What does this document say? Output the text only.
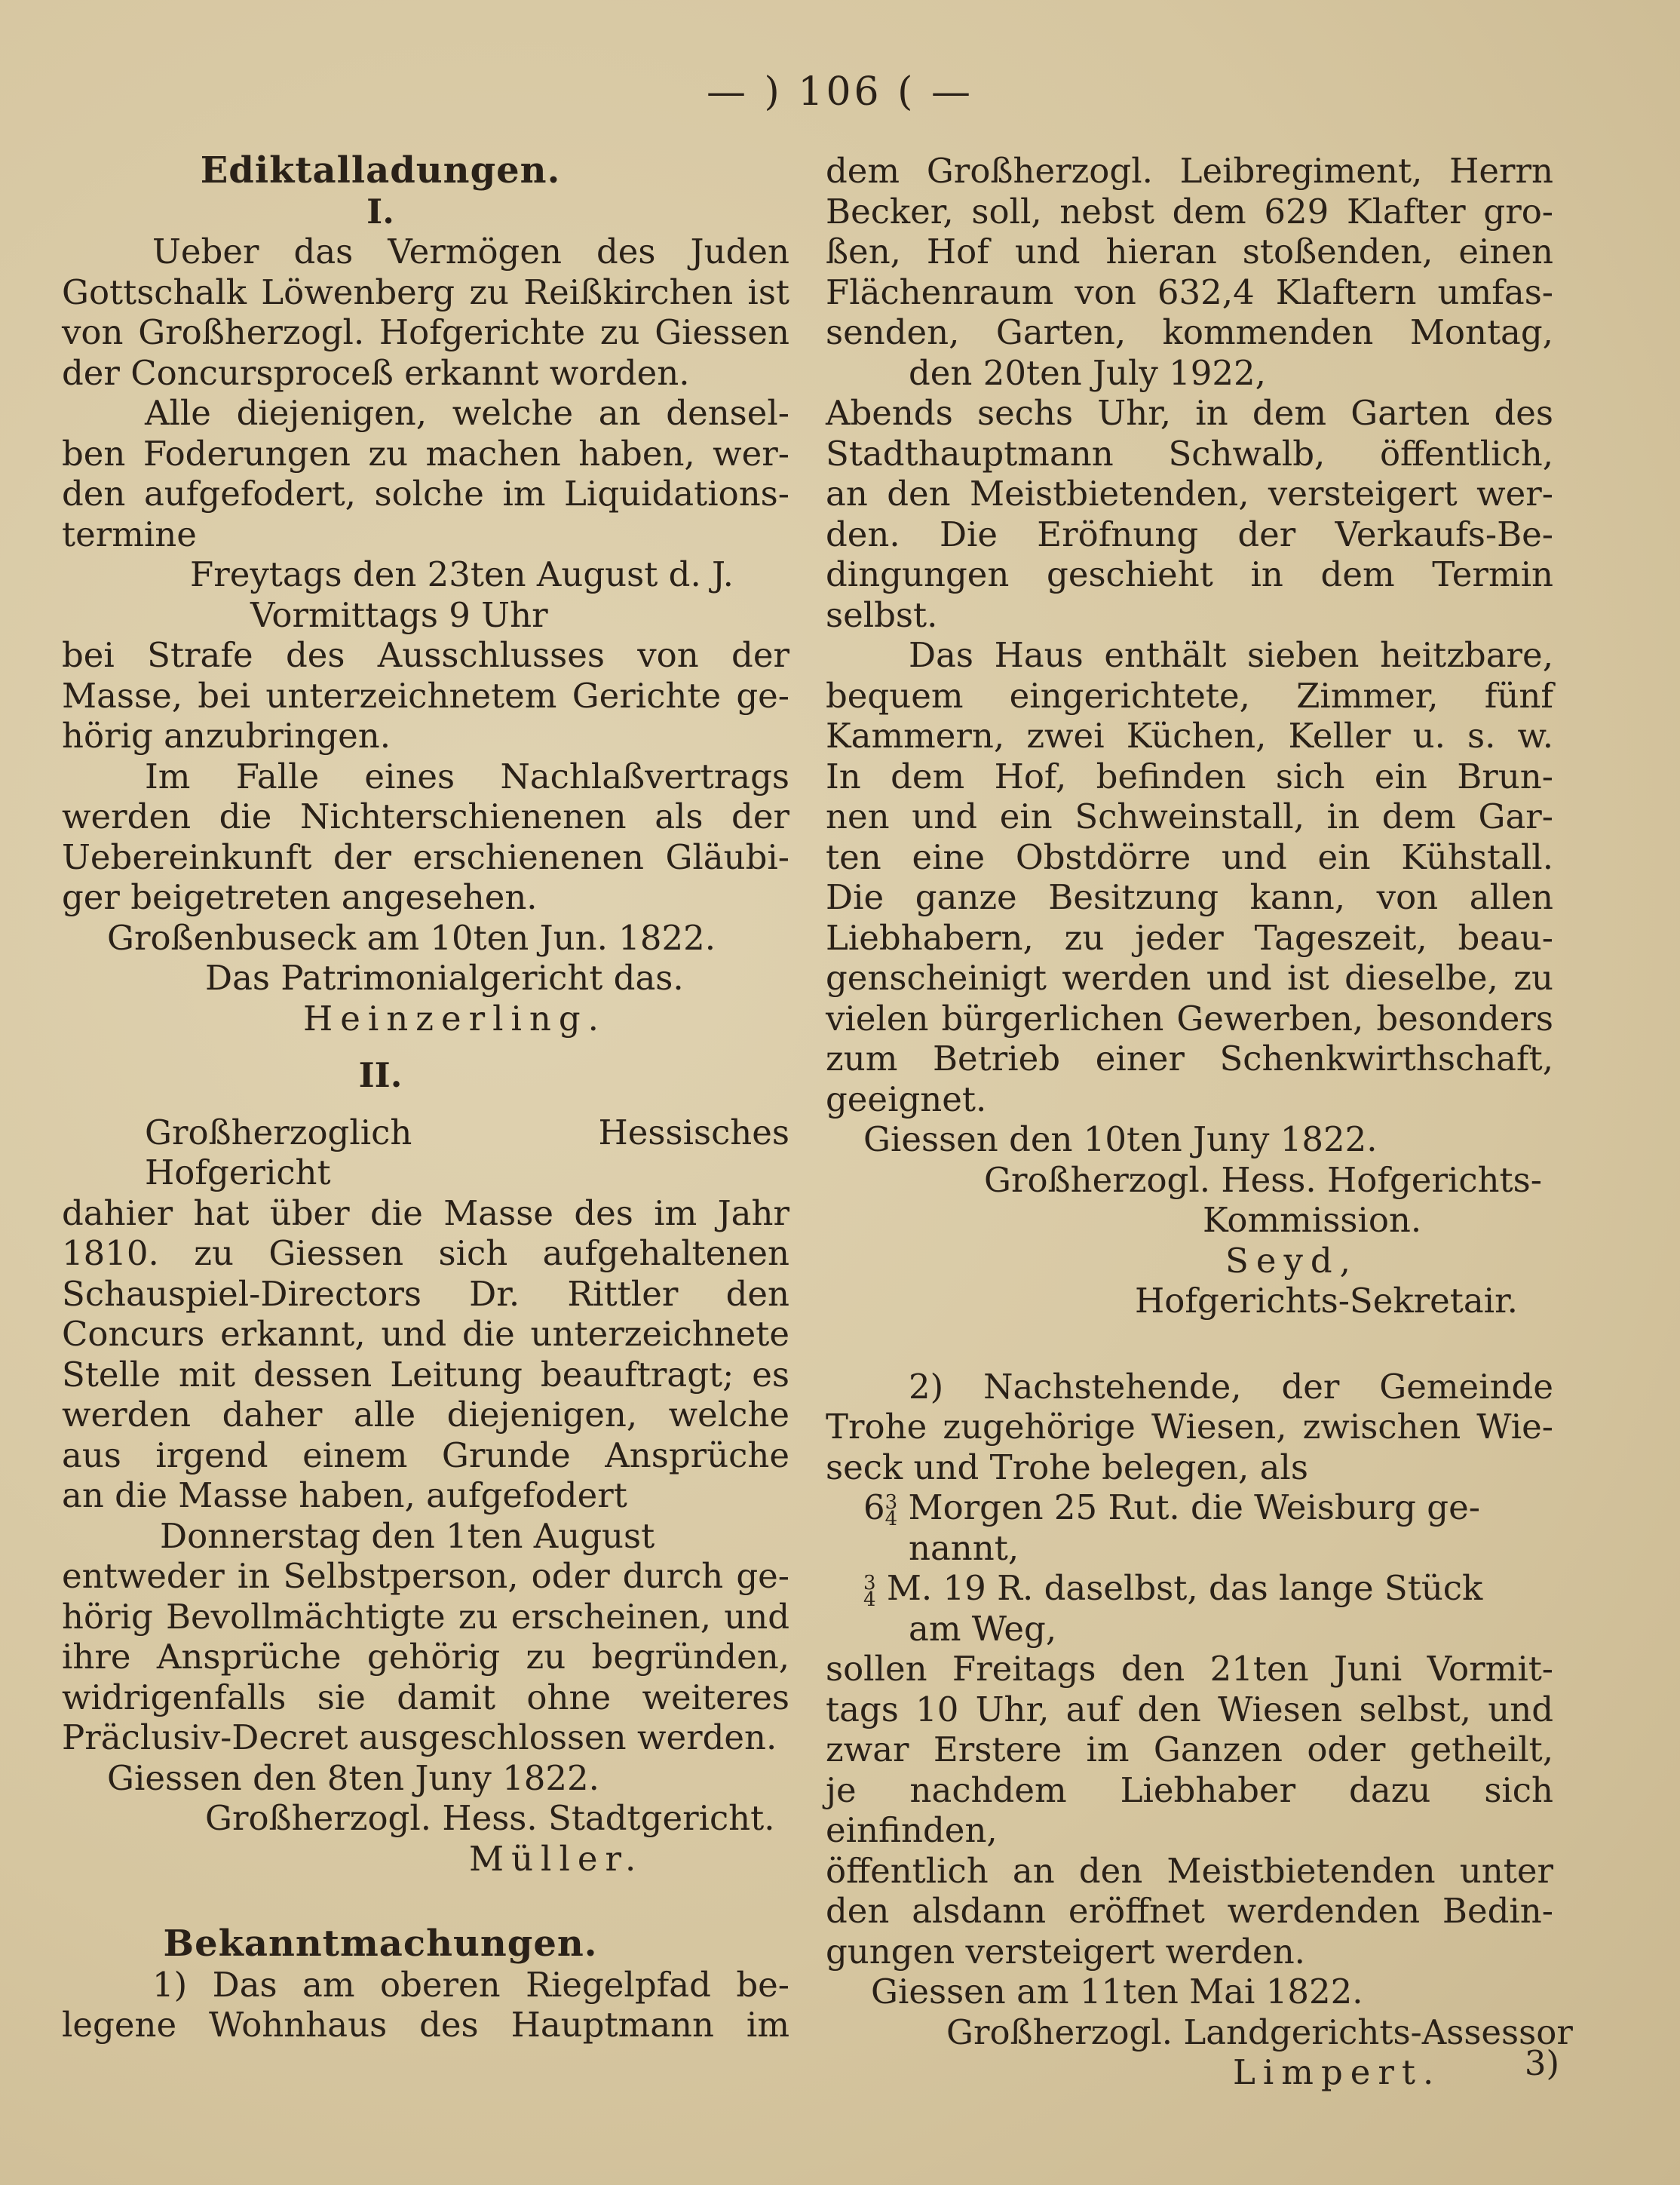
— ) 106 ( —

Ediktalladungen.

I.

Ueber das Vermögen des Juden

Gottschalk Löwenberg zu Reißkirchen ist

von Großherzogl. Hofgerichte zu Giessen

der Concursproceß erkannt worden.

Alle diejenigen, welche an densel-

ben Foderungen zu machen haben, wer-

den aufgefodert, solche im Liquidations-

termine

Freytags den 23ten August d. J.

Vormittags 9 Uhr

bei Strafe des Ausschlusses von der

Masse, bei unterzeichnetem Gerichte ge-

hörig anzubringen.

Im Falle eines Nachlaßvertrags

werden die Nichterschienenen als der

Uebereinkunft der erschienenen Gläubi-

ger beigetreten angesehen.

Großenbuseck am 10ten Jun. 1822.

Das Patrimonialgericht das.

Heinzerling.

II.

Großherzoglich Hessisches Hofgericht

dahier hat über die Masse des im Jahr

1810. zu Giessen sich aufgehaltenen

Schauspiel-Directors Dr. Rittler den

Concurs erkannt, und die unterzeichnete

Stelle mit dessen Leitung beauftragt; es

werden daher alle diejenigen, welche

aus irgend einem Grunde Ansprüche

an die Masse haben, aufgefodert

Donnerstag den 1ten August

entweder in Selbstperson, oder durch ge-

hörig Bevollmächtigte zu erscheinen, und

ihre Ansprüche gehörig zu begründen,

widrigenfalls sie damit ohne weiteres

Präclusiv-Decret ausgeschlossen werden.

Giessen den 8ten Juny 1822.

Großherzogl. Hess. Stadtgericht.

Müller.

Bekanntmachungen.

1) Das am oberen Riegelpfad be-

legene Wohnhaus des Hauptmann im

dem Großherzogl. Leibregiment, Herrn

Becker, soll, nebst dem 629 Klafter gro-

ßen, Hof und hieran stoßenden, einen

Flächenraum von 632,4 Klaftern umfas-

senden, Garten, kommenden Montag,

den 20ten July 1922,

Abends sechs Uhr, in dem Garten des

Stadthauptmann Schwalb, öffentlich,

an den Meistbietenden, versteigert wer-

den. Die Eröfnung der Verkaufs-Be-

dingungen geschieht in dem Termin

selbst.

Das Haus enthält sieben heitzbare,

bequem eingerichtete, Zimmer, fünf

Kammern, zwei Küchen, Keller u. s. w.

In dem Hof, befinden sich ein Brun-

nen und ein Schweinstall, in dem Gar-

ten eine Obstdörre und ein Kühstall.

Die ganze Besitzung kann, von allen

Liebhabern, zu jeder Tageszeit, beau-

genscheinigt werden und ist dieselbe, zu

vielen bürgerlichen Gewerben, besonders

zum Betrieb einer Schenkwirthschaft,

geeignet.

Giessen den 10ten Juny 1822.

Großherzogl. Hess. Hofgerichts-

Kommission.

Seyd,

Hofgerichts-Sekretair.

2) Nachstehende, der Gemeinde

Trohe zugehörige Wiesen, zwischen Wie-

seck und Trohe belegen, als

63
4 Morgen 25 Rut. die Weisburg ge-

nannt,

3
4 M. 19 R. daselbst, das lange Stück

am Weg,

sollen Freitags den 21ten Juni Vormit-

tags 10 Uhr, auf den Wiesen selbst, und

zwar Erstere im Ganzen oder getheilt,

je nachdem Liebhaber dazu sich einfinden,

öffentlich an den Meistbietenden unter

den alsdann eröffnet werdenden Bedin-

gungen versteigert werden.

Giessen am 11ten Mai 1822.

Großherzogl. Landgerichts-Assessor

Limpert.	3)
